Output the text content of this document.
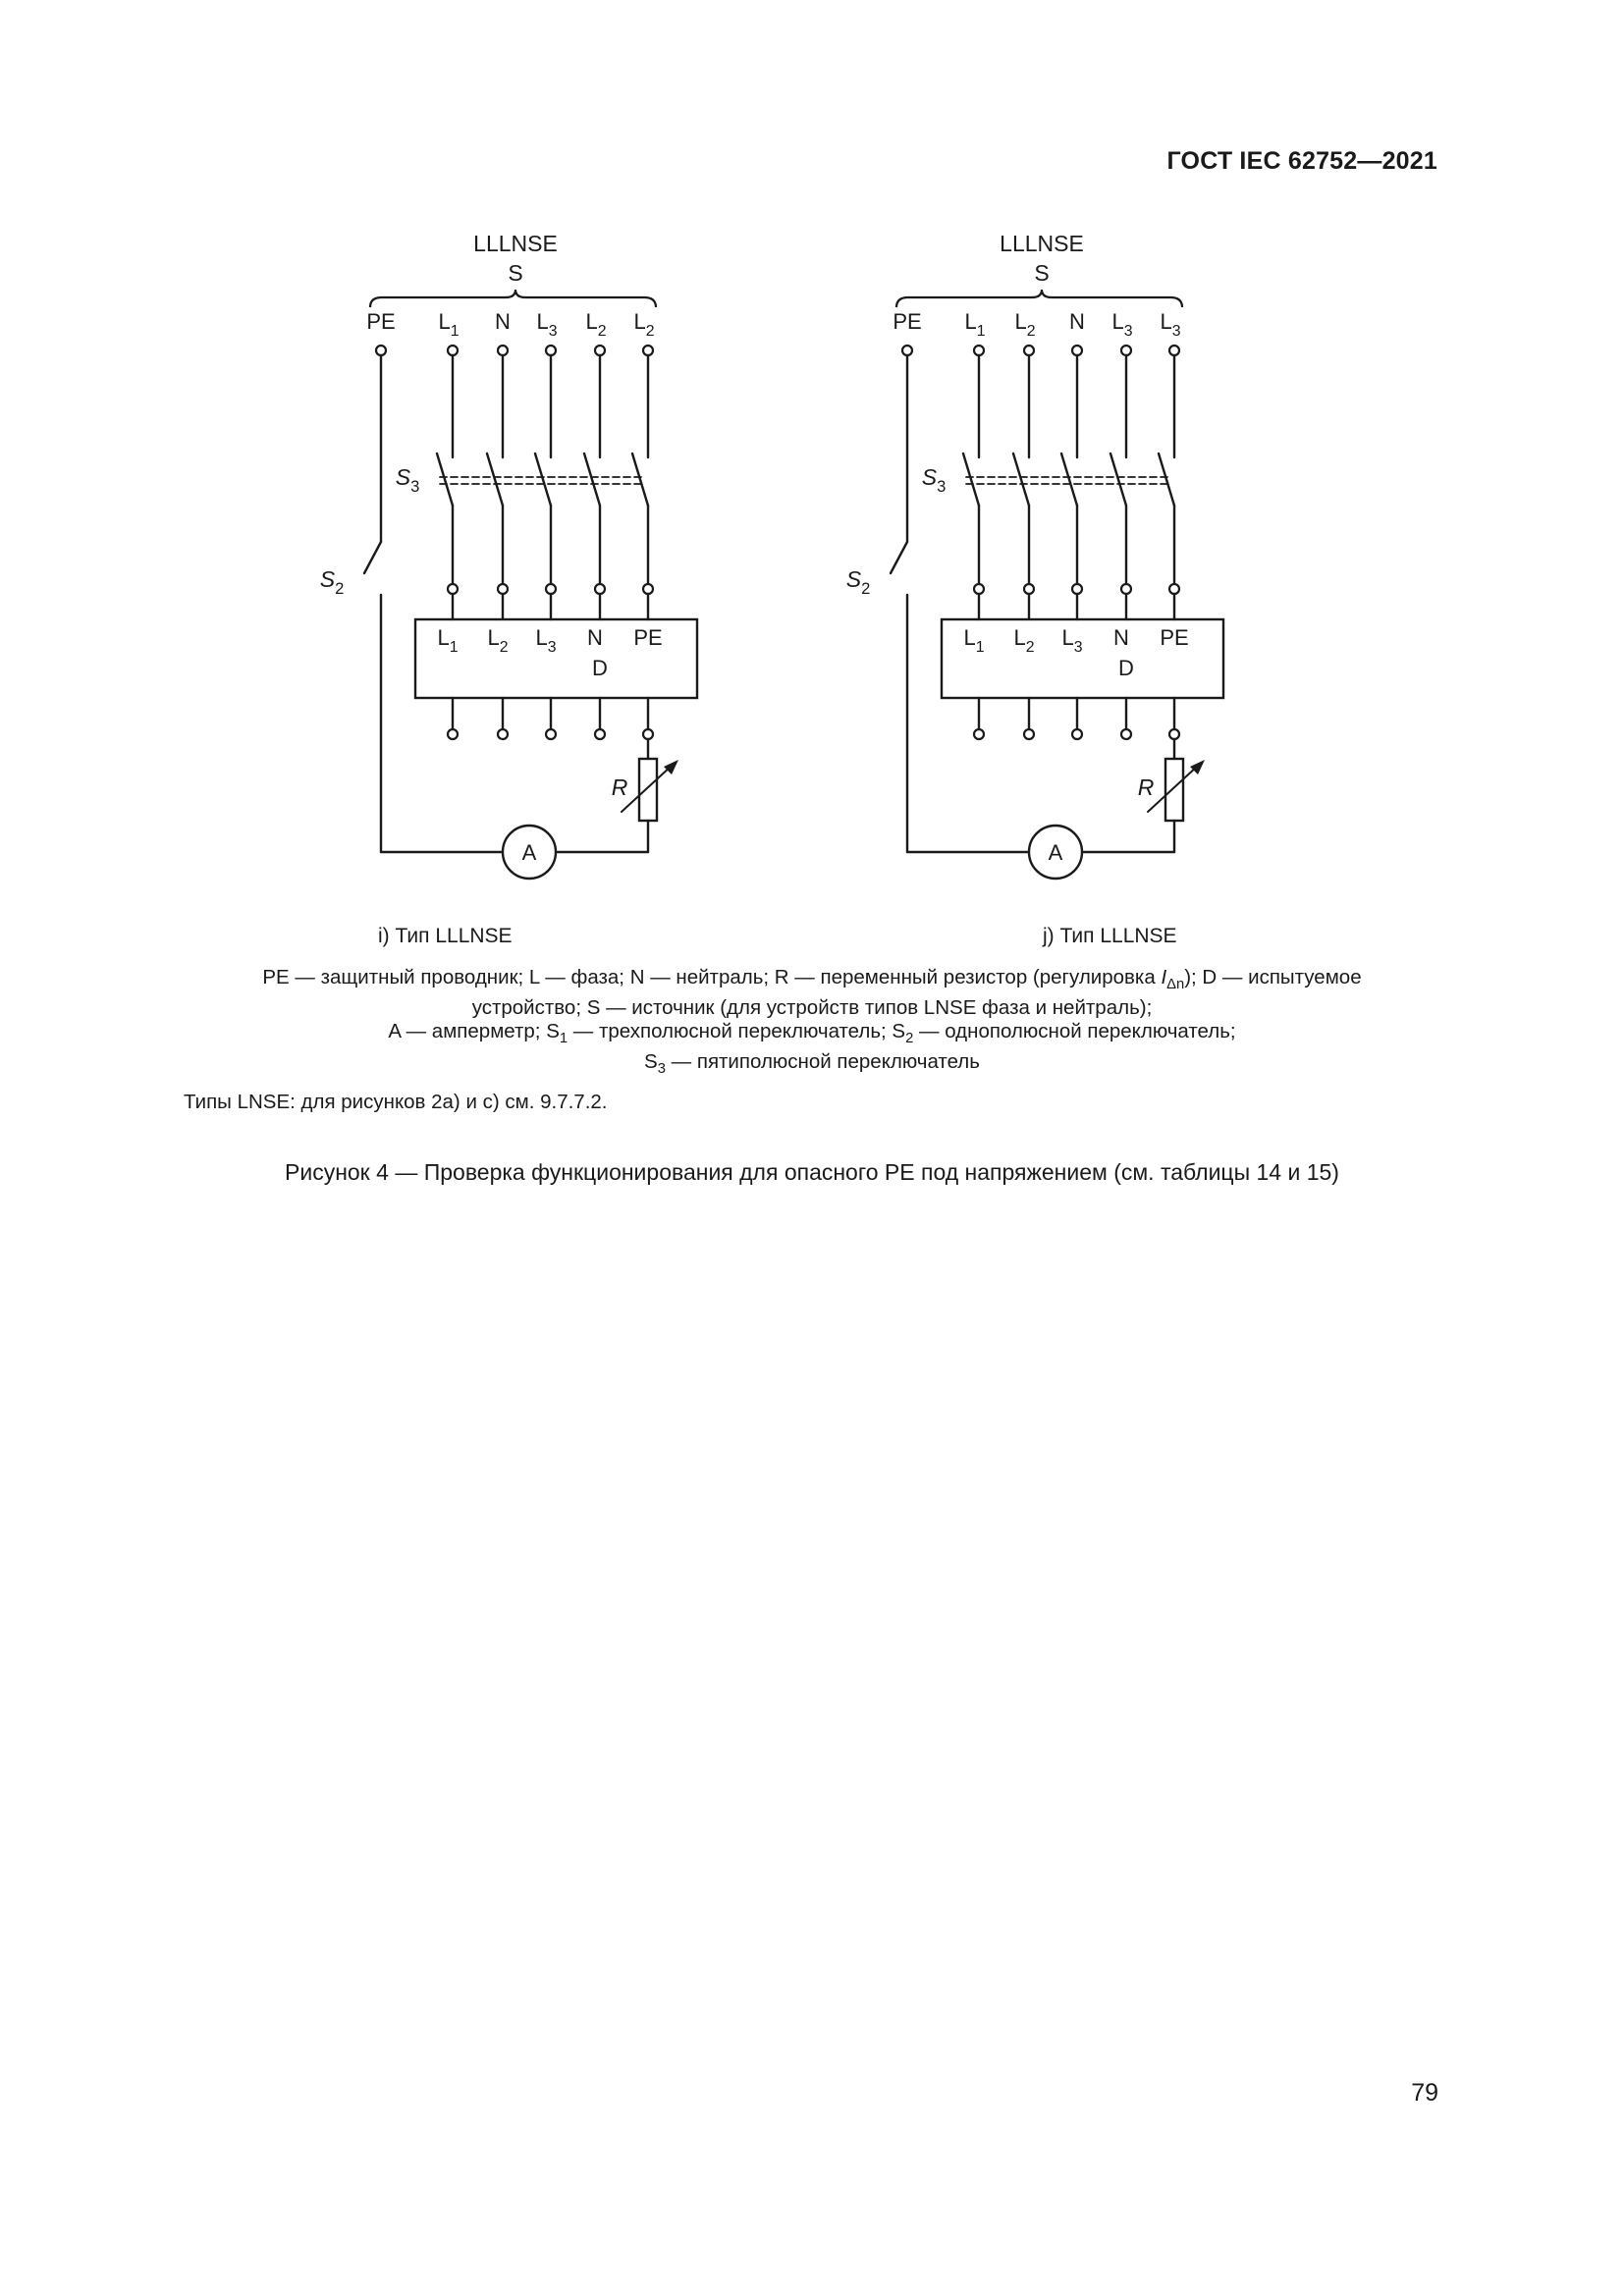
ГОСТ IEC 62752—2021
LLLNSE
S
PE $L_1$ N $L_3$ $L_2$ $L_2$
$S_2$
$S_3$
$L_1$ $L_2$ $L_3$ N PE
D
R
A
LLLNSE
S
PE $L_1$ $L_2$ N $L_3$ $L_3$
$S_2$
$S_3$
$L_1$ $L_2$ $L_3$ N PE
D
R
A
i) Тип LLLNSE	j) Тип LLLNSE
PE — защитный проводник; L — фаза; N — нейтраль; R — переменный резистор (регулировка $I_{\Delta n}$); D — испытуемое
устройство; S — источник (для устройств типов LNSE фаза и нейтраль);
A — амперметр; $S_1$ — трехполюсной переключатель; $S_2$ — однополюсной переключатель;
$S_3$ — пятиполюсной переключатель
Типы LNSE: для рисунков 2a) и c) см. 9.7.7.2.
Рисунок 4 — Проверка функционирования для опасного PE под напряжением (см. таблицы 14 и 15)
79
